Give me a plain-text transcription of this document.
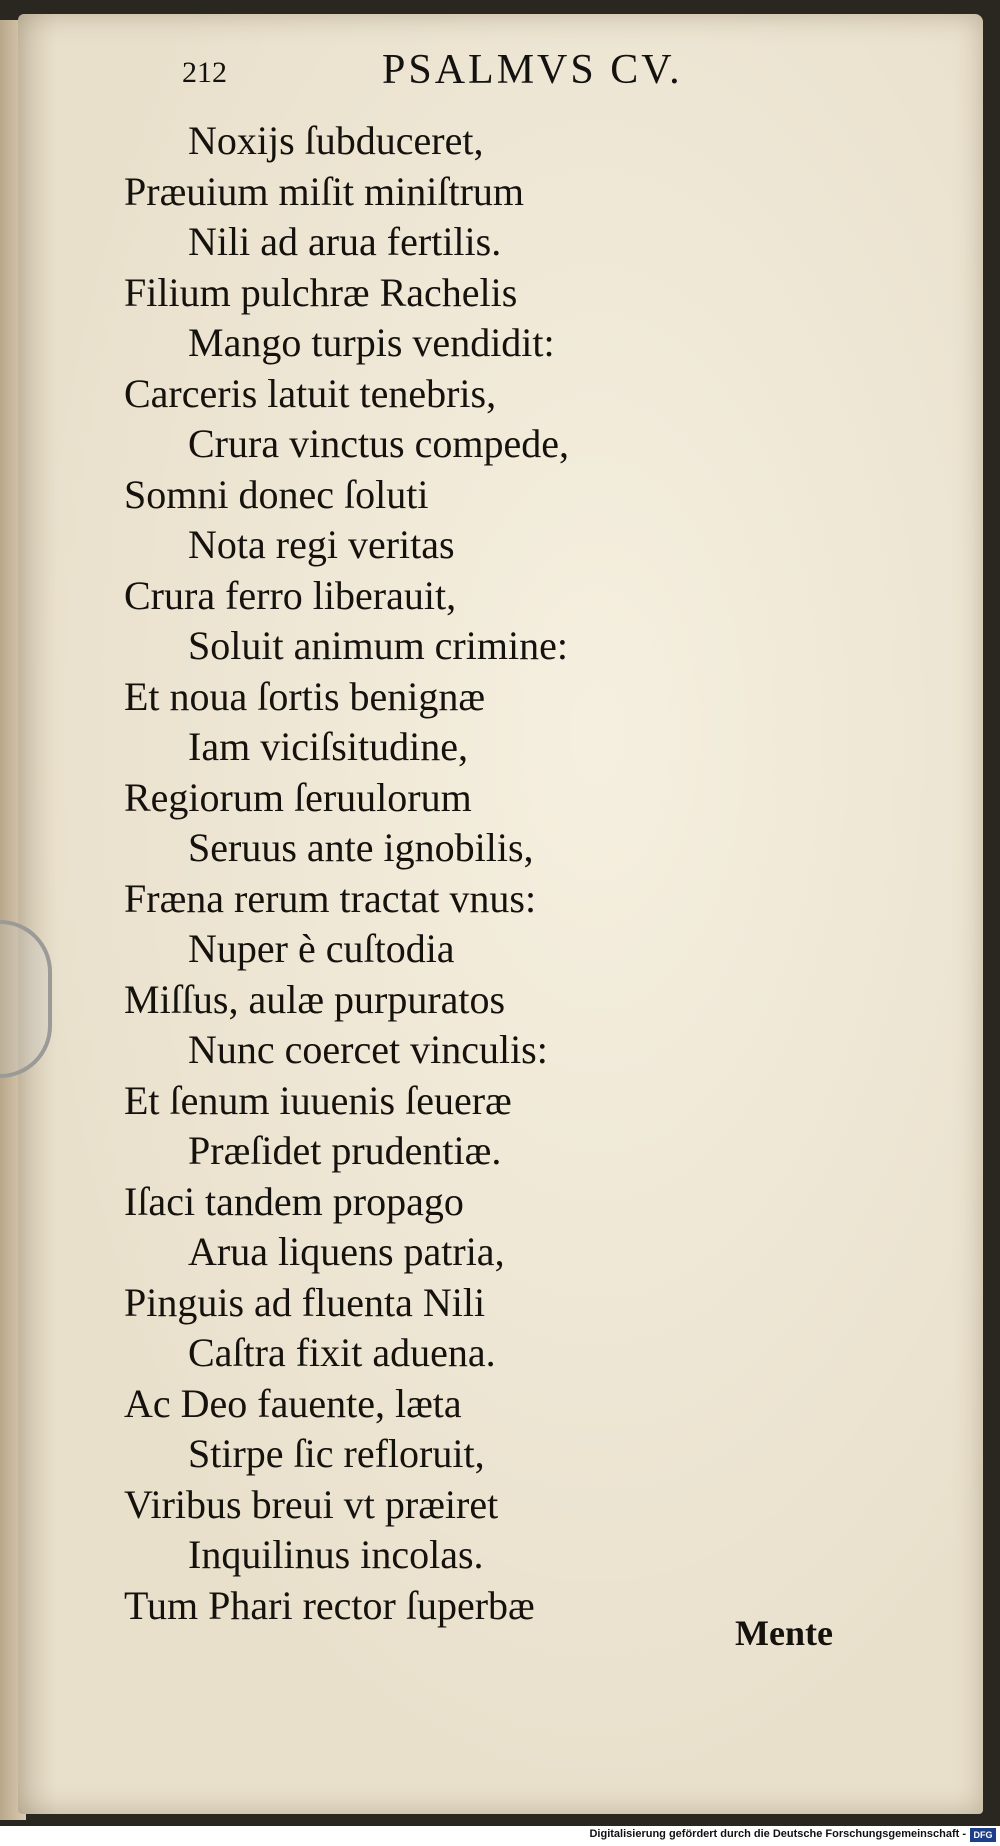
212	PSALMVS CV.
Noxijs ſubduceret,
Præuium miſit miniſtrum
Nili ad arua fertilis.
Filium pulchræ Rachelis
Mango turpis vendidit:
Carceris latuit tenebris,
Crura vinctus compede,
Somni donec ſoluti
Nota regi veritas
Crura ferro liberauit,
Soluit animum crimine:
Et noua ſortis benignæ
Iam viciſsitudine,
Regiorum ſeruulorum
Seruus ante ignobilis,
Fræna rerum tractat vnus:
Nuper è cuſtodia
Miſſus, aulæ purpuratos
Nunc coercet vinculis:
Et ſenum iuuenis ſeueræ
Præſidet prudentiæ.
Iſaci tandem propago
Arua liquens patria,
Pinguis ad fluenta Nili
Caſtra fixit aduena.
Ac Deo fauente, læta
Stirpe ſic refloruit,
Viribus breui vt præiret
Inquilinus incolas.
Tum Phari rector ſuperbæ
Mente
Digitalisierung gefördert durch die Deutsche Forschungsgemeinschaft - DFG
